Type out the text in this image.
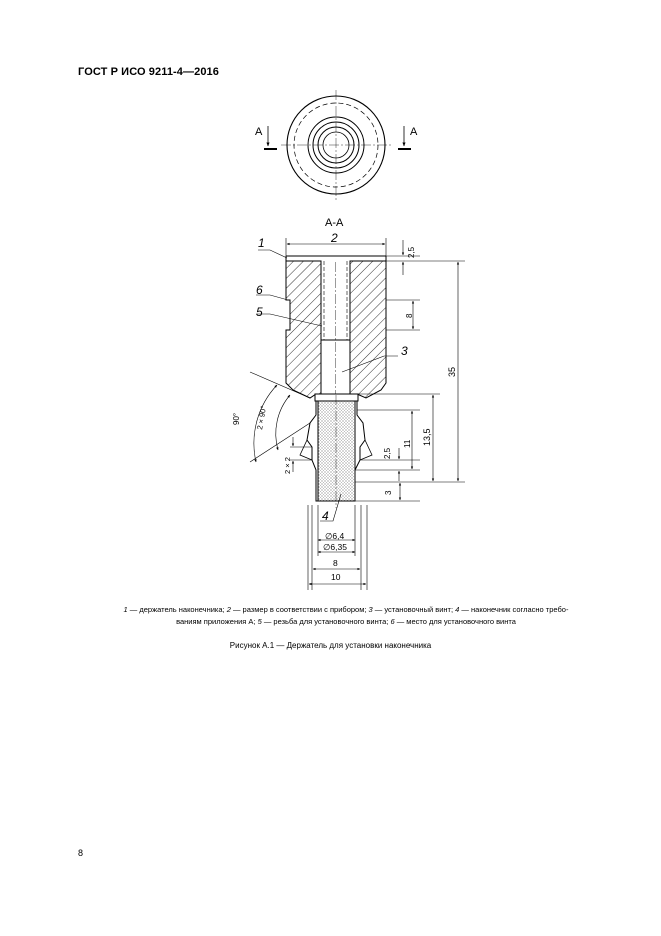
ГОСТ Р ИСО 9211-4—2016
A	A
А-А
1	2
3
4
5
6
2,5
8
35
13,5
11
2,5
3
90° 2 × 90°
2 × 2
∅6,4
∅6,35
8
10
1 — держатель наконечника; 2 — размер в соответствии с прибором; 3 — установочный винт; 4 — наконечник согласно требо-
ваниям приложения А; 5 — резьба для установочного винта; 6 — место для установочного винта
Рисунок А.1 — Держатель для установки наконечника
8
